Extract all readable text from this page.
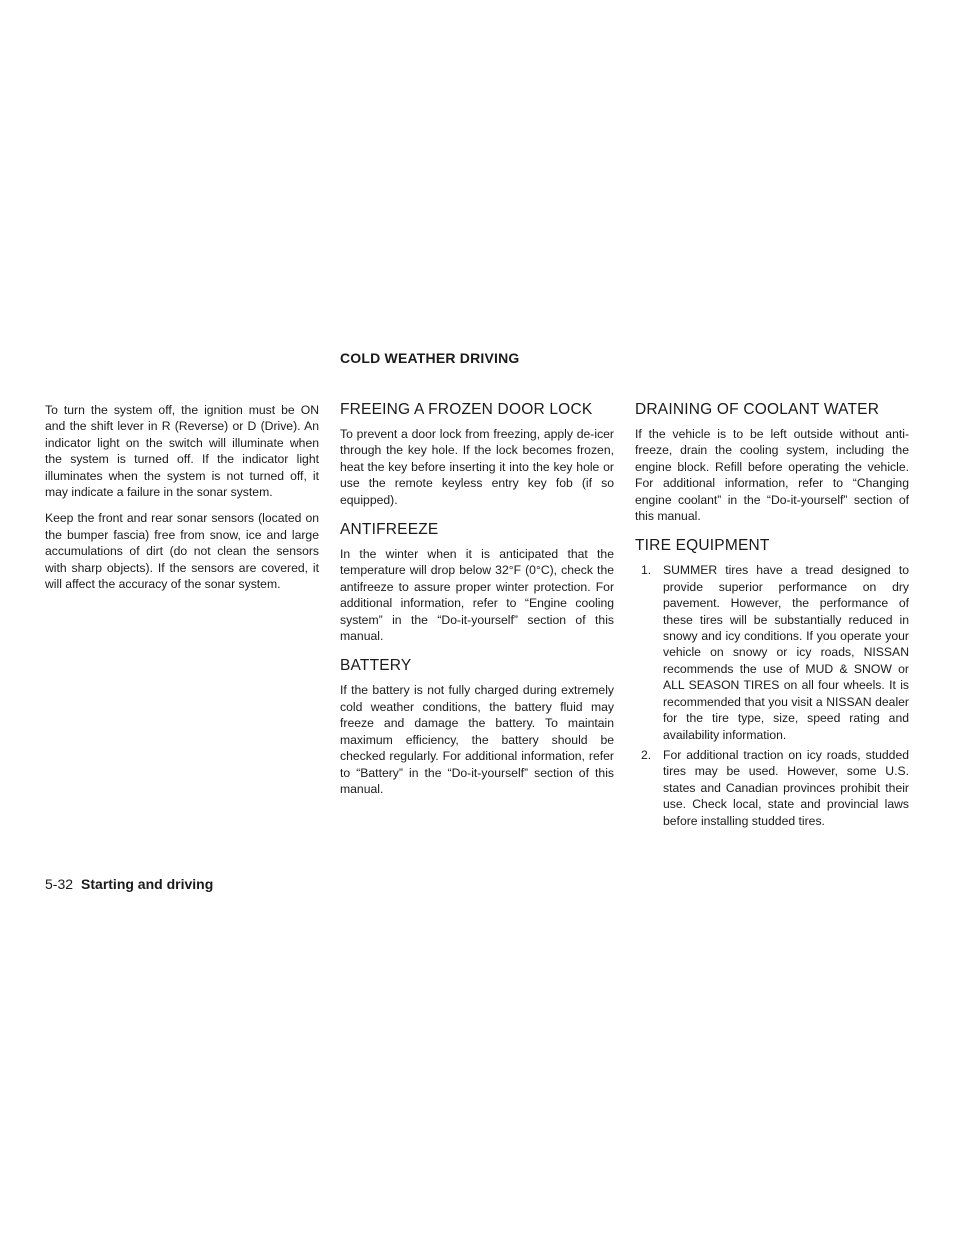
COLD WEATHER DRIVING

To turn the system off, the ignition must be ON and the shift lever in R (Reverse) or D (Drive). An indicator light on the switch will illuminate when the system is turned off. If the indicator light illuminates when the system is not turned off, it may indicate a failure in the sonar system.

Keep the front and rear sonar sensors (located on the bumper fascia) free from snow, ice and large accumulations of dirt (do not clean the sensors with sharp objects). If the sensors are covered, it will affect the accuracy of the sonar system.

FREEING A FROZEN DOOR LOCK

To prevent a door lock from freezing, apply de-icer through the key hole. If the lock becomes frozen, heat the key before inserting it into the key hole or use the remote keyless entry key fob (if so equipped).

ANTIFREEZE

In the winter when it is anticipated that the temperature will drop below 32°F (0°C), check the antifreeze to assure proper winter protection. For additional information, refer to “Engine cooling system” in the “Do-it-yourself” section of this manual.

BATTERY

If the battery is not fully charged during extremely cold weather conditions, the battery fluid may freeze and damage the battery. To maintain maximum efficiency, the battery should be checked regularly. For additional information, refer to “Battery” in the “Do-it-yourself” section of this manual.

DRAINING OF COOLANT WATER

If the vehicle is to be left outside without anti-freeze, drain the cooling system, including the engine block. Refill before operating the vehicle. For additional information, refer to “Changing engine coolant” in the “Do-it-yourself” section of this manual.

TIRE EQUIPMENT
1. SUMMER tires have a tread designed to provide superior performance on dry pavement. However, the performance of these tires will be substantially reduced in snowy and icy conditions. If you operate your vehicle on snowy or icy roads, NISSAN recommends the use of MUD & SNOW or ALL SEASON TIRES on all four wheels. It is recommended that you visit a NISSAN dealer for the tire type, size, speed rating and availability information.

2. For additional traction on icy roads, studded tires may be used. However, some U.S. states and Canadian provinces prohibit their use. Check local, state and provincial laws before installing studded tires.

5-32 Starting and driving
